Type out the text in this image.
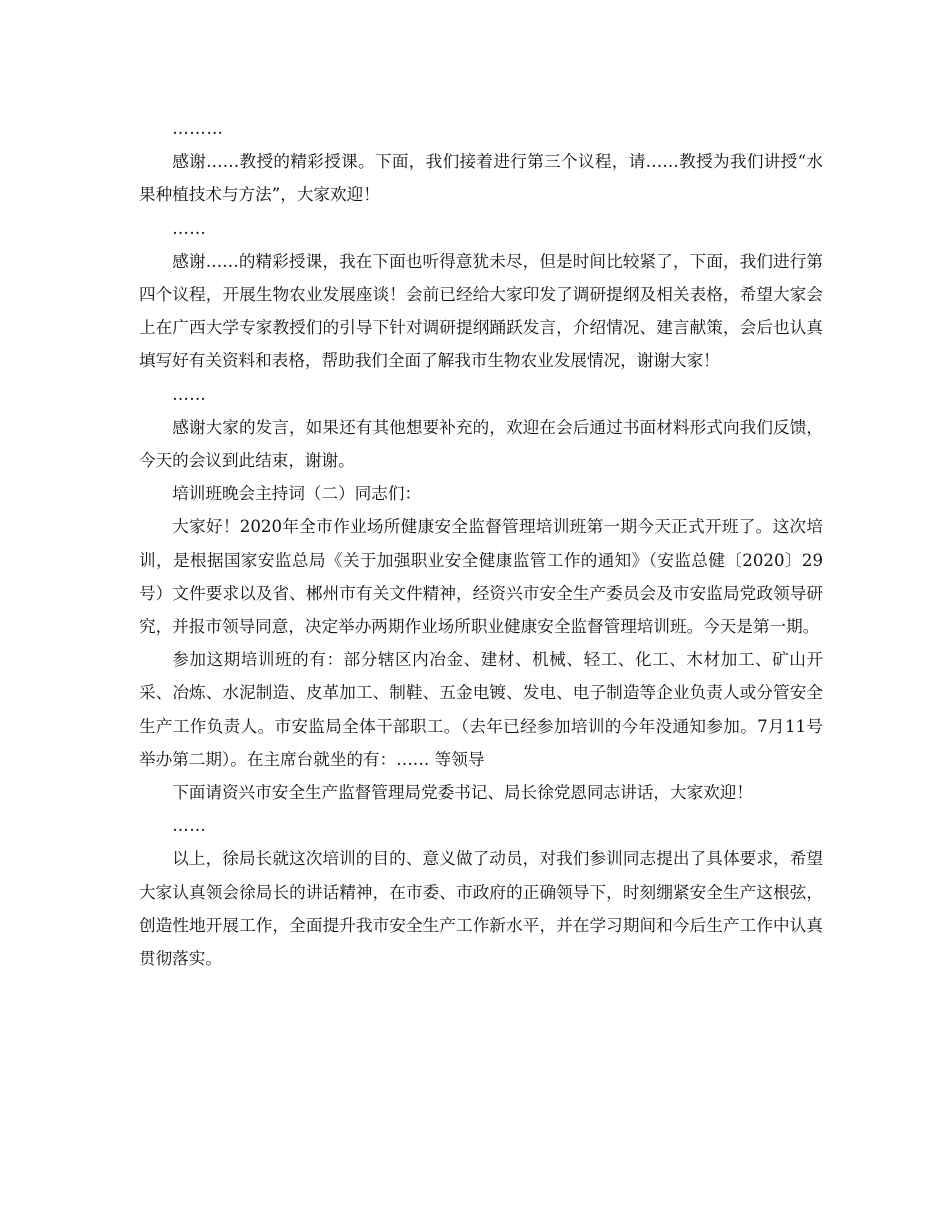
………

感谢……教授的精彩授课。下面，我们接着进行第三个议程，请……教授为我们讲授“水果种植技术与方法”，大家欢迎！

……

感谢……的精彩授课，我在下面也听得意犹未尽，但是时间比较紧了，下面，我们进行第四个议程，开展生物农业发展座谈！会前已经给大家印发了调研提纲及相关表格，希望大家会上在广西大学专家教授们的引导下针对调研提纲踊跃发言，介绍情况、建言献策，会后也认真填写好有关资料和表格，帮助我们全面了解我市生物农业发展情况，谢谢大家！

……

感谢大家的发言，如果还有其他想要补充的，欢迎在会后通过书面材料形式向我们反馈，今天的会议到此结束，谢谢。

培训班晚会主持词（二）同志们：

大家好！2020年全市作业场所健康安全监督管理培训班第一期今天正式开班了。这次培训，是根据国家安监总局《关于加强职业安全健康监管工作的通知》（安监总健〔2020〕29号）文件要求以及省、郴州市有关文件精神，经资兴市安全生产委员会及市安监局党政领导研究，并报市领导同意，决定举办两期作业场所职业健康安全监督管理培训班。今天是第一期。

参加这期培训班的有：部分辖区内冶金、建材、机械、轻工、化工、木材加工、矿山开采、冶炼、水泥制造、皮革加工、制鞋、五金电镀、发电、电子制造等企业负责人或分管安全生产工作负责人。市安监局全体干部职工。（去年已经参加培训的今年没通知参加。7月11号举办第二期）。在主席台就坐的有：…… 等领导

下面请资兴市安全生产监督管理局党委书记、局长徐党恩同志讲话，大家欢迎！

……

以上，徐局长就这次培训的目的、意义做了动员，对我们参训同志提出了具体要求，希望大家认真领会徐局长的讲话精神，在市委、市政府的正确领导下，时刻绷紧安全生产这根弦，创造性地开展工作，全面提升我市安全生产工作新水平，并在学习期间和今后生产工作中认真贯彻落实。
